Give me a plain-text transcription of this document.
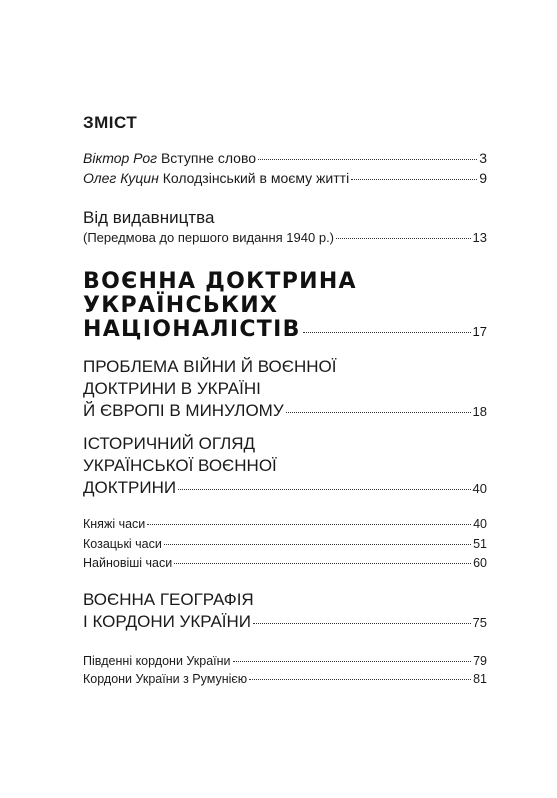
ЗМІСТ
Віктор Рог Вступне слово	3
Олег Куцин Колодзінський в моєму житті	9
Від видавництва
(Передмова до першого видання 1940 р.)	13
ВОЄННА ДОКТРИНА
УКРАЇНСЬКИХ
НАЦІОНАЛІСТІВ	17
ПРОБЛЕМА ВІЙНИ Й ВОЄННОЇ
ДОКТРИНИ В УКРАЇНІ
Й ЄВРОПІ В МИНУЛОМУ	18
ІСТОРИЧНИЙ ОГЛЯД
УКРАЇНСЬКОЇ ВОЄННОЇ
ДОКТРИНИ	40
Княжі часи	40
Козацькі часи	51
Найновіші часи	60
ВОЄННА ГЕОГРАФІЯ
І КОРДОНИ УКРАЇНИ	75
Південні кордони України	79
Кордони України з Румунією	81
